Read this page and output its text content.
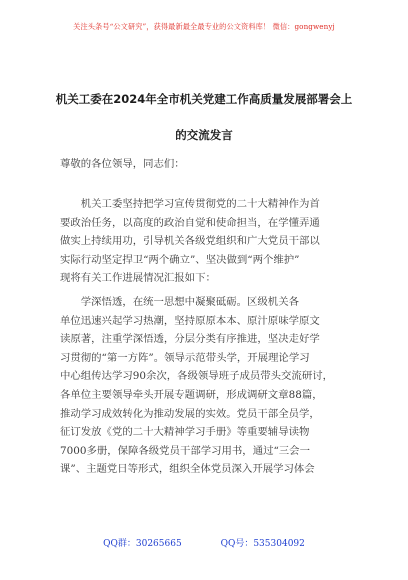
关注头条号“公文研究”，获得最新最全最专业的公文资料库！ 微信：gongwenyj
机关工委在2024年全市机关党建工作高质量发展部署会上
的交流发言
尊敬的各位领导，同志们：
　　机关工委坚持把学习宣传贯彻党的二十大精神作为首
要政治任务，以高度的政治自觉和使命担当，在学懂弄通
做实上持续用功，引导机关各级党组织和广大党员干部以
实际行动坚定捍卫“两个确立”、坚决做到“两个维护”
现将有关工作进展情况汇报如下：
　　学深悟透，在统一思想中凝聚砥砺。区级机关各
单位迅速兴起学习热潮，坚持原原本本、原汁原味学原文
读原著，注重学深悟透，分层分类有序推进，坚决走好学
习贯彻的“第一方阵”。领导示范带头学，开展理论学习
中心组传达学习90余次，各级领导班子成员带头交流研讨，
各单位主要领导牵头开展专题调研，形成调研文章88篇，
推动学习成效转化为推动发展的实效。党员干部全员学，
征订发放《党的二十大精神学习手册》等重要辅导读物
7000多册，保障各级党员干部学习用书，通过“三会一
课”、主题党日等形式，组织全体党员深入开展学习体会
QQ群：30265665	QQ号：535304092
